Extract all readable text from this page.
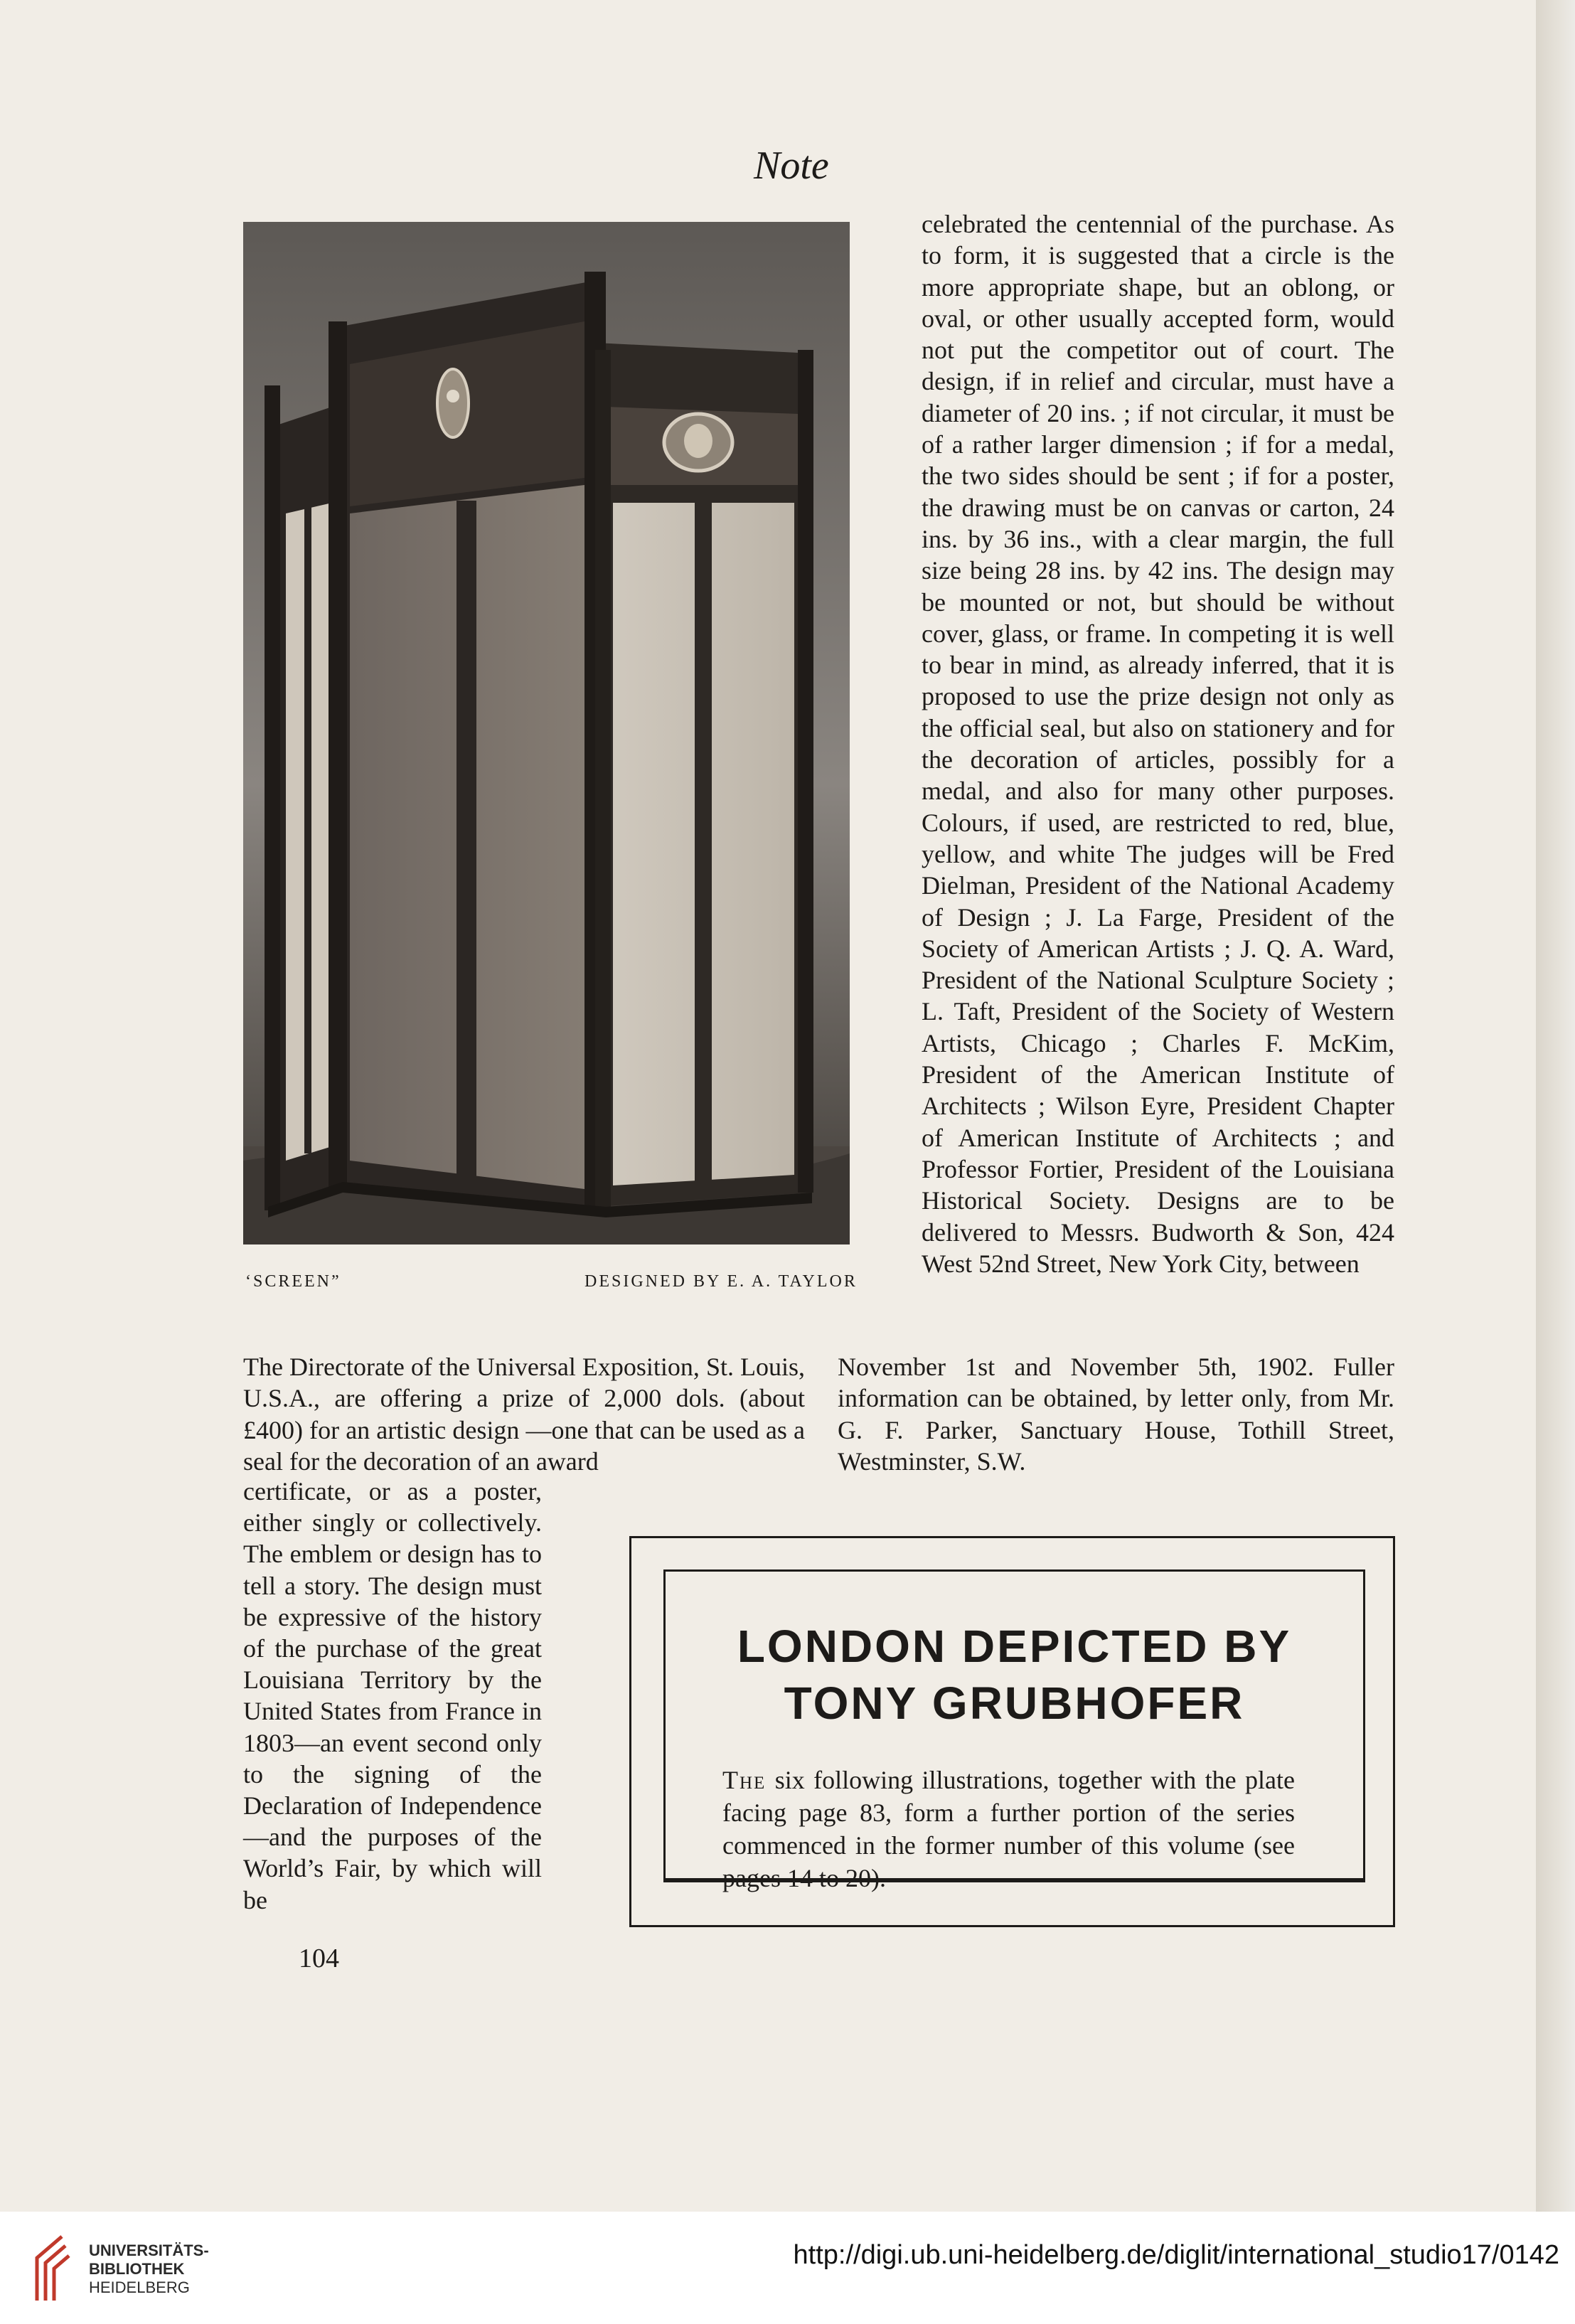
Note

‘SCREEN”	DESIGNED BY E. A. TAYLOR

celebrated the centennial of the purchase. As to form, it is suggested that a circle is the more appropriate shape, but an oblong, or oval, or other usually accepted form, would not put the competitor out of court. The design, if in relief and circular, must have a diameter of 20 ins. ; if not circular, it must be of a rather larger dimension ; if for a medal, the two sides should be sent ; if for a poster, the drawing must be on canvas or carton, 24 ins. by 36 ins., with a clear margin, the full size being 28 ins. by 42 ins. The design may be mounted or not, but should be without cover, glass, or frame. In competing it is well to bear in mind, as already inferred, that it is proposed to use the prize design not only as the official seal, but also on stationery and for the decoration of articles, possibly for a medal, and also for many other purposes. Colours, if used, are restricted to red, blue, yellow, and white The judges will be Fred Dielman, President of the National Academy of Design ; J. La Farge, President of the Society of American Artists ; J. Q. A. Ward, President of the National Sculpture Society ; L. Taft, President of the Society of Western Artists, Chicago ; Charles F. McKim, President of the American Institute of Architects ; Wilson Eyre, President Chapter of American Institute of Architects ; and Professor Fortier, President of the Louisiana Historical Society. Designs are to be delivered to Messrs. Budworth & Son, 424 West 52nd Street, New York City, between

The Directorate of the Universal Exposition, St. Louis, U.S.A., are offering a prize of 2,000 dols. (about £400) for an artistic design —one that can be used as a seal for the decoration of an award

November 1st and November 5th, 1902. Fuller information can be obtained, by letter only, from Mr. G. F. Parker, Sanctuary House, Tothill Street, Westminster, S.W.

certificate, or as a poster, either singly or collectively. The emblem or design has to tell a story. The design must be expressive of the history of the purchase of the great Louisiana Territory by the United States from France in 1803—an event second only to the signing of the Declaration of Independence—and the purposes of the World’s Fair, by which will be

LONDON DEPICTED BY
TONY GRUBHOFER

The six following illustrations, together with the plate facing page 83, form a further portion of the series commenced in the former number of this volume (see pages 14 to 20).

104

UNIVERSITÄTS-
BIBLIOTHEK
HEIDELBERG

http://digi.ub.uni-heidelberg.de/diglit/international_studio17/0142
